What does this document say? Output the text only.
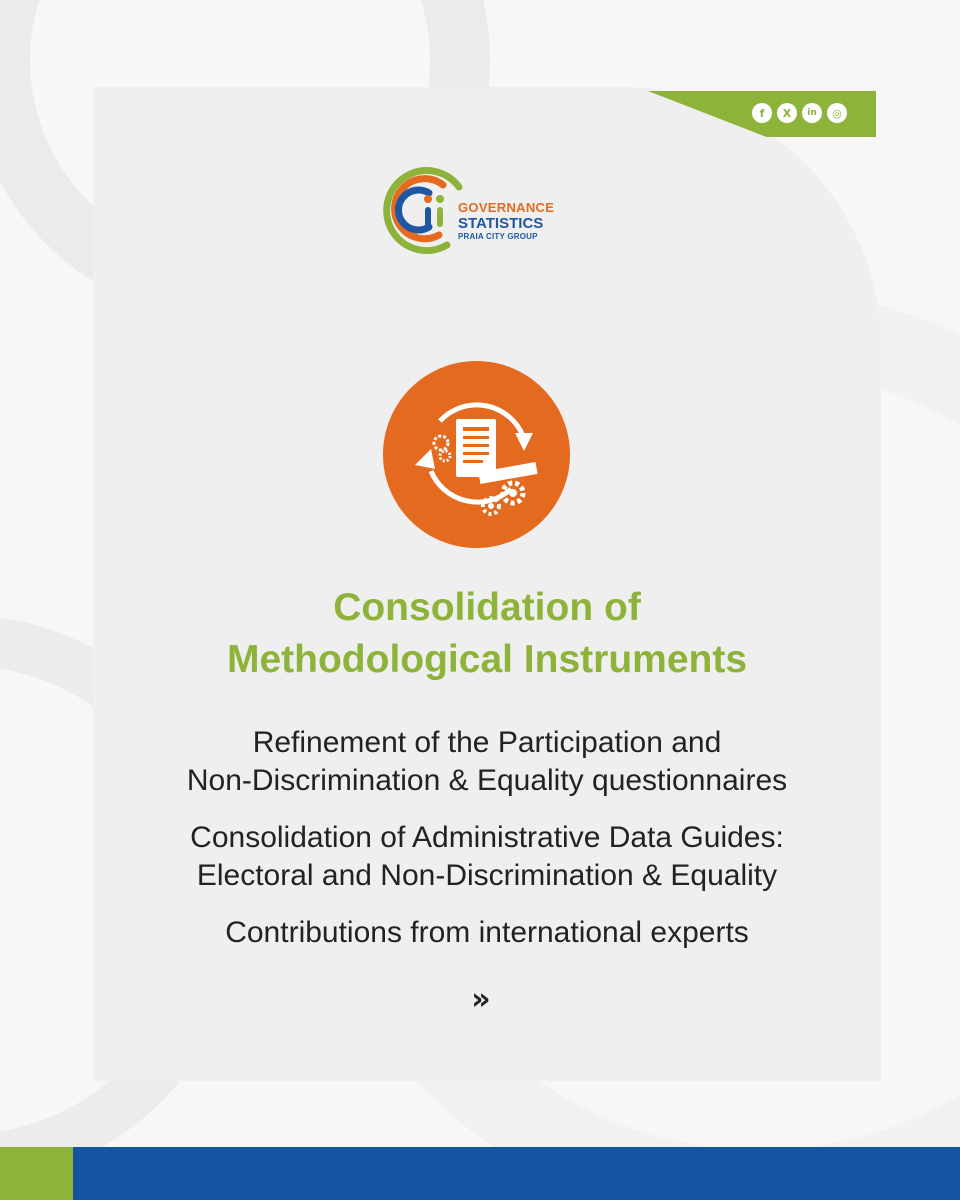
f	X	in	◎
GOVERNANCE
STATISTICS
PRAIA CITY GROUP
Consolidation of
Methodological Instruments
Refinement of the Participation and
Non-Discrimination & Equality questionnaires
Consolidation of Administrative Data Guides:
Electoral and Non-Discrimination & Equality
Contributions from international experts
»
